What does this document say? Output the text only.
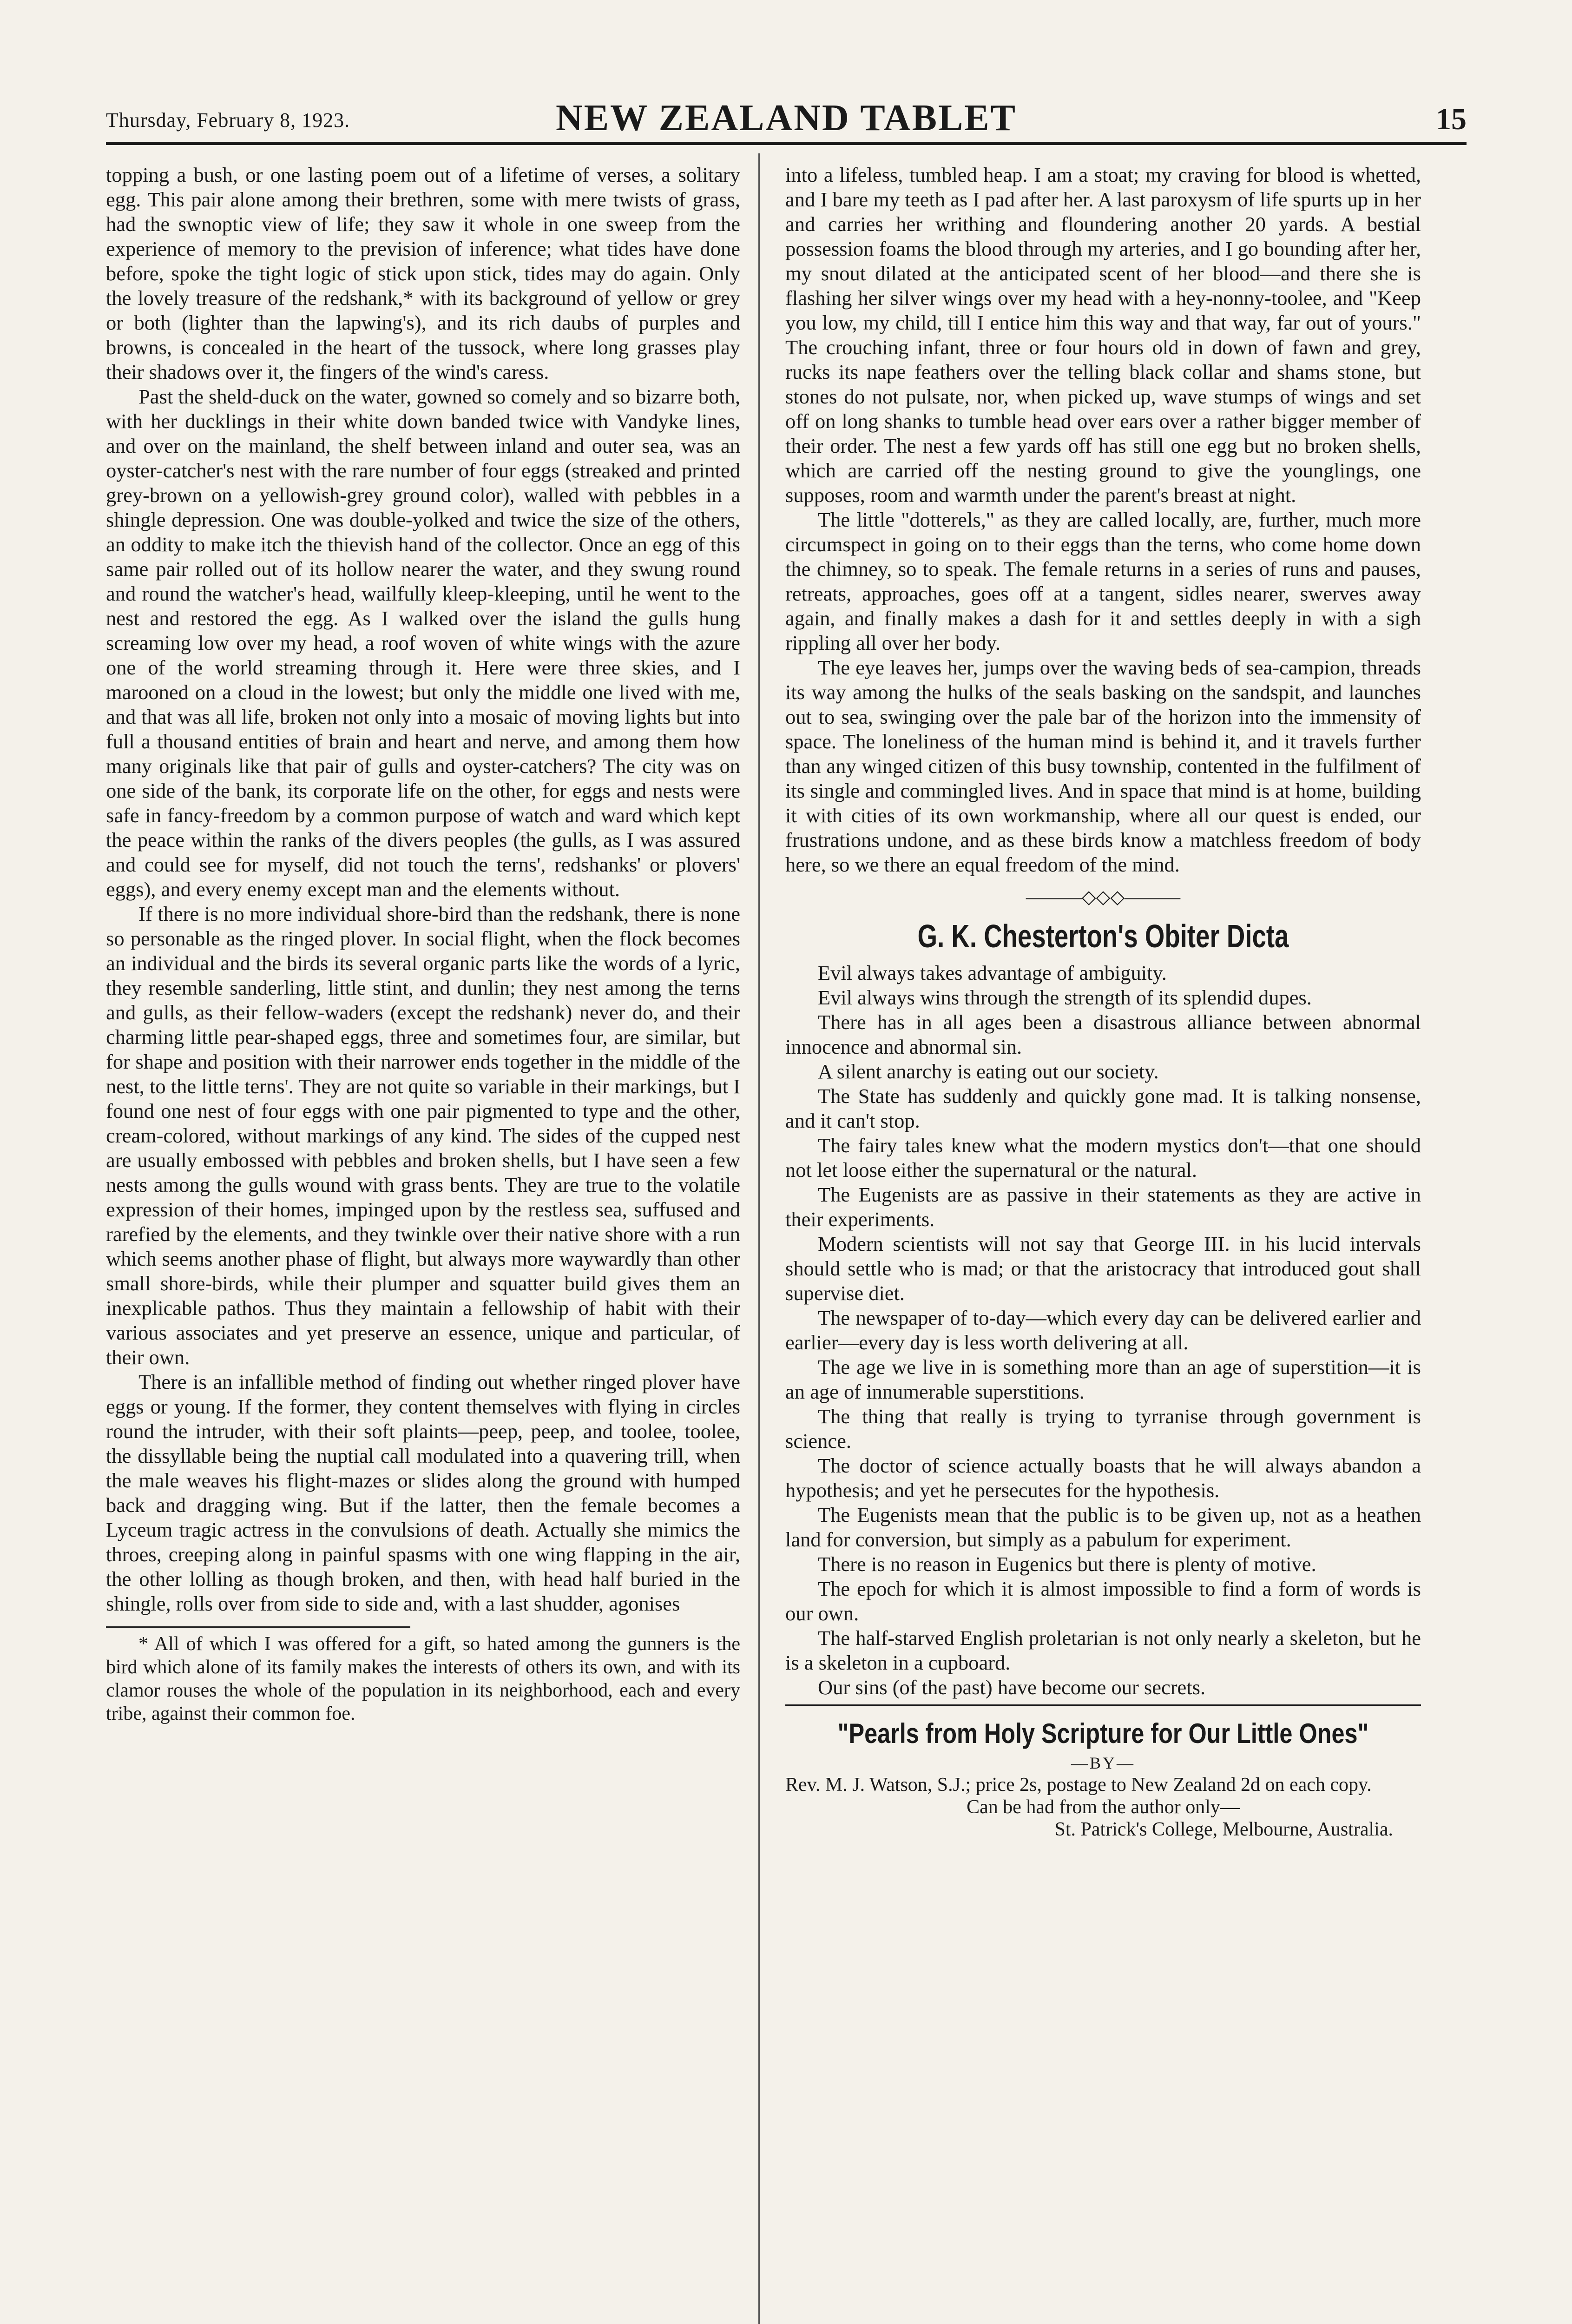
Thursday, February 8, 1923.	NEW ZEALAND TABLET	15

topping a bush, or one lasting poem out of a lifetime of verses, a solitary egg. This pair alone among their brethren, some with mere twists of grass, had the swnoptic view of life; they saw it whole in one sweep from the experience of memory to the prevision of inference; what tides have done before, spoke the tight logic of stick upon stick, tides may do again. Only the lovely treasure of the redshank,* with its background of yellow or grey or both (lighter than the lapwing's), and its rich daubs of purples and browns, is concealed in the heart of the tussock, where long grasses play their shadows over it, the fingers of the wind's caress.

Past the sheld-duck on the water, gowned so comely and so bizarre both, with her ducklings in their white down banded twice with Vandyke lines, and over on the mainland, the shelf between inland and outer sea, was an oyster-catcher's nest with the rare number of four eggs (streaked and printed grey-brown on a yellowish-grey ground color), walled with pebbles in a shingle depression. One was double-yolked and twice the size of the others, an oddity to make itch the thievish hand of the collector. Once an egg of this same pair rolled out of its hollow nearer the water, and they swung round and round the watcher's head, wailfully kleep-kleeping, until he went to the nest and restored the egg. As I walked over the island the gulls hung screaming low over my head, a roof woven of white wings with the azure one of the world streaming through it. Here were three skies, and I marooned on a cloud in the lowest; but only the middle one lived with me, and that was all life, broken not only into a mosaic of moving lights but into full a thousand entities of brain and heart and nerve, and among them how many originals like that pair of gulls and oyster-catchers? The city was on one side of the bank, its corporate life on the other, for eggs and nests were safe in fancy-freedom by a common purpose of watch and ward which kept the peace within the ranks of the divers peoples (the gulls, as I was assured and could see for myself, did not touch the terns', redshanks' or plovers' eggs), and every enemy except man and the elements without.

If there is no more individual shore-bird than the redshank, there is none so personable as the ringed plover. In social flight, when the flock becomes an individual and the birds its several organic parts like the words of a lyric, they resemble sanderling, little stint, and dunlin; they nest among the terns and gulls, as their fellow-waders (except the redshank) never do, and their charming little pear-shaped eggs, three and sometimes four, are similar, but for shape and position with their narrower ends together in the middle of the nest, to the little terns'. They are not quite so variable in their markings, but I found one nest of four eggs with one pair pigmented to type and the other, cream-colored, without markings of any kind. The sides of the cupped nest are usually embossed with pebbles and broken shells, but I have seen a few nests among the gulls wound with grass bents. They are true to the volatile expression of their homes, impinged upon by the restless sea, suffused and rarefied by the elements, and they twinkle over their native shore with a run which seems another phase of flight, but always more waywardly than other small shore-birds, while their plumper and squatter build gives them an inexplicable pathos. Thus they maintain a fellowship of habit with their various associates and yet preserve an essence, unique and particular, of their own.

There is an infallible method of finding out whether ringed plover have eggs or young. If the former, they content themselves with flying in circles round the intruder, with their soft plaints—peep, peep, and toolee, toolee, the dissyllable being the nuptial call modulated into a quavering trill, when the male weaves his flight-mazes or slides along the ground with humped back and dragging wing. But if the latter, then the female becomes a Lyceum tragic actress in the convulsions of death. Actually she mimics the throes, creeping along in painful spasms with one wing flapping in the air, the other lolling as though broken, and then, with head half buried in the shingle, rolls over from side to side and, with a last shudder, agonises

* All of which I was offered for a gift, so hated among the gunners is the bird which alone of its family makes the interests of others its own, and with its clamor rouses the whole of the population in its neighborhood, each and every tribe, against their common foe.

into a lifeless, tumbled heap. I am a stoat; my craving for blood is whetted, and I bare my teeth as I pad after her. A last paroxysm of life spurts up in her and carries her writhing and floundering another 20 yards. A bestial possession foams the blood through my arteries, and I go bounding after her, my snout dilated at the anticipated scent of her blood—and there she is flashing her silver wings over my head with a hey-nonny-toolee, and "Keep you low, my child, till I entice him this way and that way, far out of yours." The crouching infant, three or four hours old in down of fawn and grey, rucks its nape feathers over the telling black collar and shams stone, but stones do not pulsate, nor, when picked up, wave stumps of wings and set off on long shanks to tumble head over ears over a rather bigger member of their order. The nest a few yards off has still one egg but no broken shells, which are carried off the nesting ground to give the younglings, one supposes, room and warmth under the parent's breast at night.

The little "dotterels," as they are called locally, are, further, much more circumspect in going on to their eggs than the terns, who come home down the chimney, so to speak. The female returns in a series of runs and pauses, retreats, approaches, goes off at a tangent, sidles nearer, swerves away again, and finally makes a dash for it and settles deeply in with a sigh rippling all over her body.

The eye leaves her, jumps over the waving beds of sea-campion, threads its way among the hulks of the seals basking on the sandspit, and launches out to sea, swinging over the pale bar of the horizon into the immensity of space. The loneliness of the human mind is behind it, and it travels further than any winged citizen of this busy township, contented in the fulfilment of its single and commingled lives. And in space that mind is at home, building it with cities of its own workmanship, where all our quest is ended, our frustrations undone, and as these birds know a matchless freedom of body here, so we there an equal freedom of the mind.

———◇◇◇———
G. K. Chesterton's Obiter Dicta

Evil always takes advantage of ambiguity.

Evil always wins through the strength of its splendid dupes.

There has in all ages been a disastrous alliance between abnormal innocence and abnormal sin.

A silent anarchy is eating out our society.

The State has suddenly and quickly gone mad. It is talking nonsense, and it can't stop.

The fairy tales knew what the modern mystics don't—that one should not let loose either the supernatural or the natural.

The Eugenists are as passive in their statements as they are active in their experiments.

Modern scientists will not say that George III. in his lucid intervals should settle who is mad; or that the aristocracy that introduced gout shall supervise diet.

The newspaper of to-day—which every day can be delivered earlier and earlier—every day is less worth delivering at all.

The age we live in is something more than an age of superstition—it is an age of innumerable superstitions.

The thing that really is trying to tyrranise through government is science.

The doctor of science actually boasts that he will always abandon a hypothesis; and yet he persecutes for the hypothesis.

The Eugenists mean that the public is to be given up, not as a heathen land for conversion, but simply as a pabulum for experiment.

There is no reason in Eugenics but there is plenty of motive.

The epoch for which it is almost impossible to find a form of words is our own.

The half-starved English proletarian is not only nearly a skeleton, but he is a skeleton in a cupboard.

Our sins (of the past) have become our secrets.

"Pearls from Holy Scripture for Our Little Ones"
—BY—
Rev. M. J. Watson, S.J.; price 2s, postage to New Zealand 2d on each copy.
Can be had from the author only—
St. Patrick's College, Melbourne, Australia.
